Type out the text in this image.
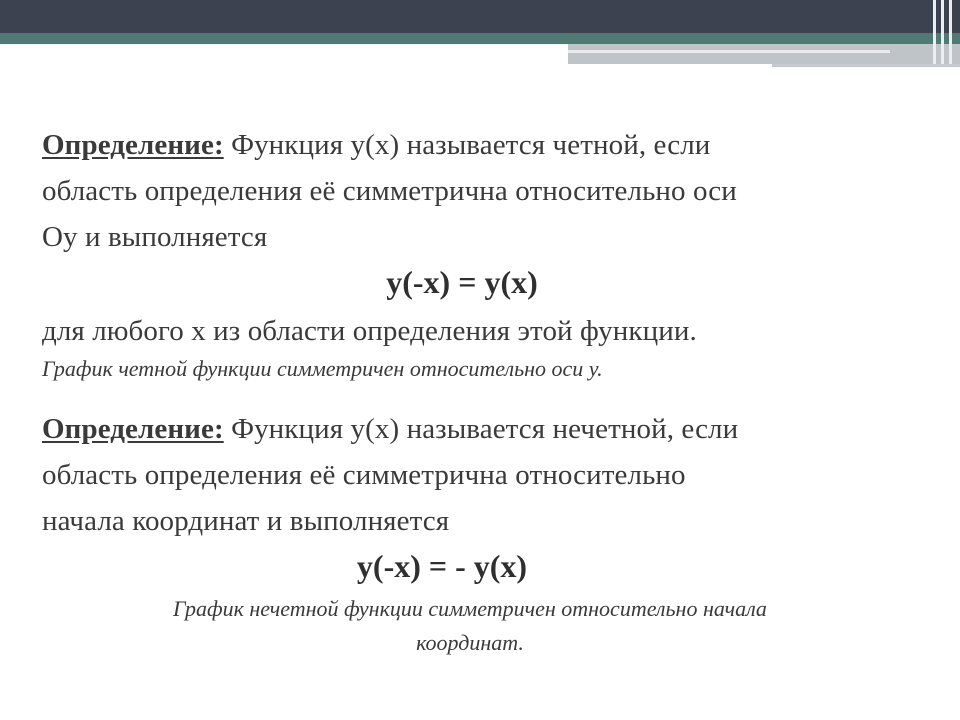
Определение: Функция у(х) называется четной, если

область определения её симметрична относительно оси

Оу и выполняется

y(-x) = y(x)

для любого х из области определения этой функции.

График четной функции симметричен относительно оси у.

Определение: Функция у(х) называется нечетной, если

область определения её симметрична относительно

начала координат и выполняется

y(-x) = - y(x)

График нечетной функции симметричен относительно начала

координат.
